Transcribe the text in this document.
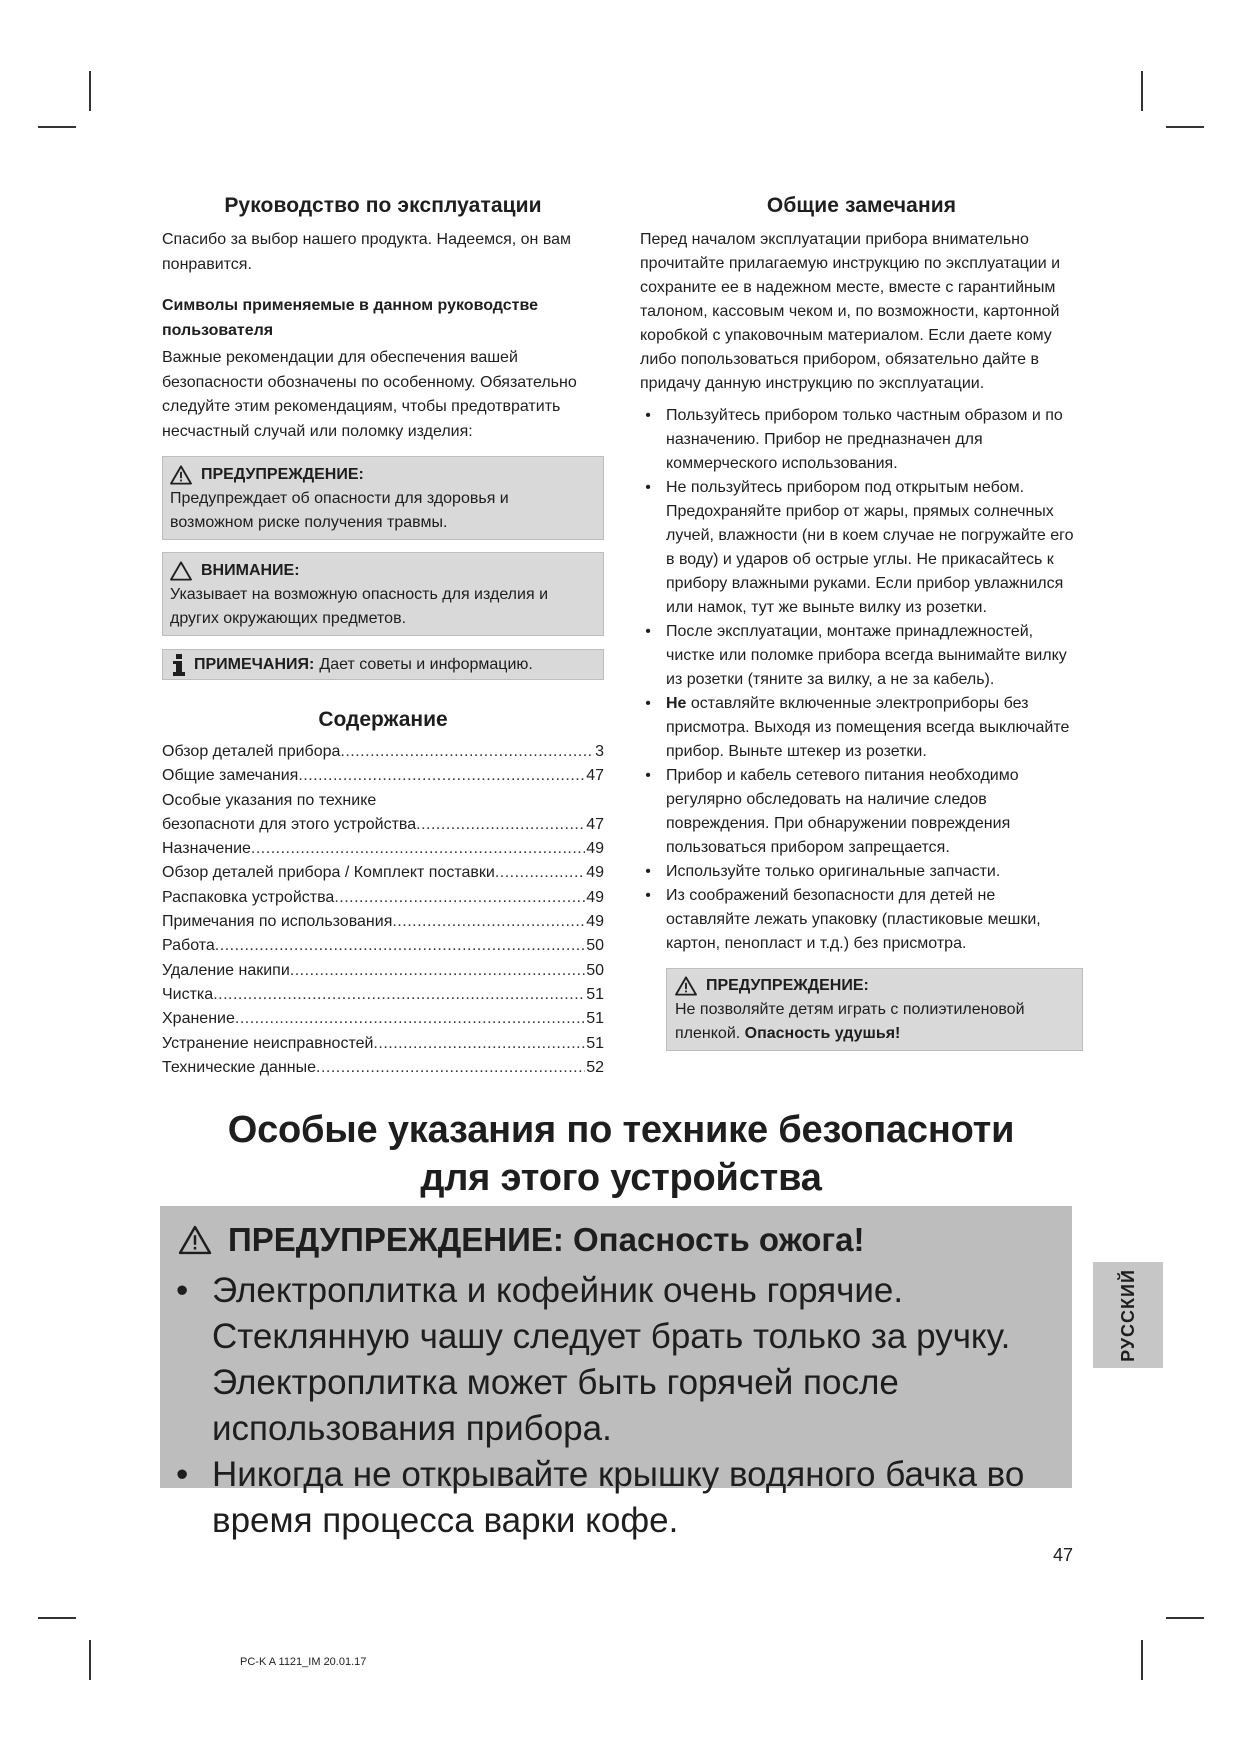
Руководство по эксплуатации

Спасибо за выбор нашего продукта. Надеемся, он вам понравится.

Символы применяемые в данном руководстве пользователя

Важные рекомендации для обеспечения вашей безопасности обозначены по особенному. Обязательно следуйте этим рекомендациям, чтобы предотвратить несчастный случай или поломку изделия:

ПРЕДУПРЕЖДЕНИЕ:
Предупреждает об опасности для здоровья и возможном риске получения травмы.
ВНИМАНИЕ:
Указывает на возможную опасность для изделия и других окружающих предметов.
ПРИМЕЧАНИЯ: Дает советы и информацию.
Содержание
Обзор деталей прибора .....	3
Общие замечания .....	47
Особые указания по технике
безопасноти для этого устройства .....	47
Назначение .....	49
Обзор деталей прибора / Комплект поставки .....	49
Распаковка устройства .....	49
Примечания по использования .....	49
Работа .....	50
Удаление накипи .....	50
Чистка .....	51
Хранение .....	51
Устранение неисправностей .....	51
Технические данные .....	52
Общие замечания

Перед началом эксплуатации прибора внимательно прочитайте прилагаемую инструкцию по эксплуатации и сохраните ее в надежном месте, вместе с гарантийным талоном, кассовым чеком и, по возможности, картонной коробкой с упаковочным материалом. Если даете кому либо попользоваться прибором, обязательно дайте в придачу данную инструкцию по эксплуатации.

• Пользуйтесь прибором только частным образом и по назначению. Прибор не предназначен для коммерческого использования.
• Не пользуйтесь прибором под открытым небом. Предохраняйте прибор от жары, прямых солнечных лучей, влажности (ни в коем случае не погружайте его в воду) и ударов об острые углы. Не прикасайтесь к прибору влажными руками. Если прибор увлажнился или намок, тут же выньте вилку из розетки.
• После эксплуатации, монтаже принадлежностей, чистке или поломке прибора всегда вынимайте вилку из розетки (тяните за вилку, а не за кабель).
• Не оставляйте включенные электроприборы без присмотра. Выходя из помещения всегда выключайте прибор. Выньте штекер из розетки.
• Прибор и кабель сетевого питания необходимо регулярно обследовать на наличие следов повреждения. При обнаружении повреждения пользоваться прибором запрещается.
• Используйте только оригинальные запчасти.
• Из соображений безопасности для детей не оставляйте лежать упаковку (пластиковые мешки, картон, пенопласт и т.д.) без присмотра.
ПРЕДУПРЕЖДЕНИЕ:
Не позволяйте детям играть с полиэтиленовой пленкой. Опасность удушья!
Особые указания по технике безопасноти
для этого устройства
ПРЕДУПРЕЖДЕНИЕ: Опасность ожога!
• Электроплитка и кофейник очень горячие. Стеклянную чашу следует брать только за ручку. Электроплитка может быть горячей после использования прибора.
• Никогда не открывайте крышку водяного бачка во время процесса варки кофе.
РУССКИЙ
47
PC-K A 1121_IM 20.01.17
